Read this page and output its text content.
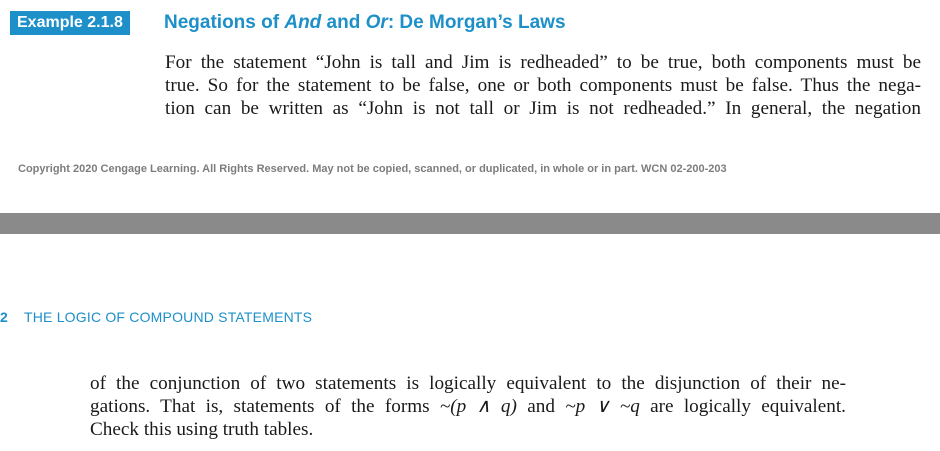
Example 2.1.8	Negations of And and Or: De Morgan’s Laws

For the statement “John is tall and Jim is redheaded” to be true, both components must be
true. So for the statement to be false, one or both components must be false. Thus the nega-
tion can be written as “John is not tall or Jim is not redheaded.” In general, the negation

Copyright 2020 Cengage Learning. All Rights Reserved. May not be copied, scanned, or duplicated, in whole or in part. WCN 02-200-203
2 THE LOGIC OF COMPOUND STATEMENTS

of the conjunction of two statements is logically equivalent to the disjunction of their ne-
gations. That is, statements of the forms ~(p ∧ q) and ~p ∨ ~q are logically equivalent.
Check this using truth tables.
